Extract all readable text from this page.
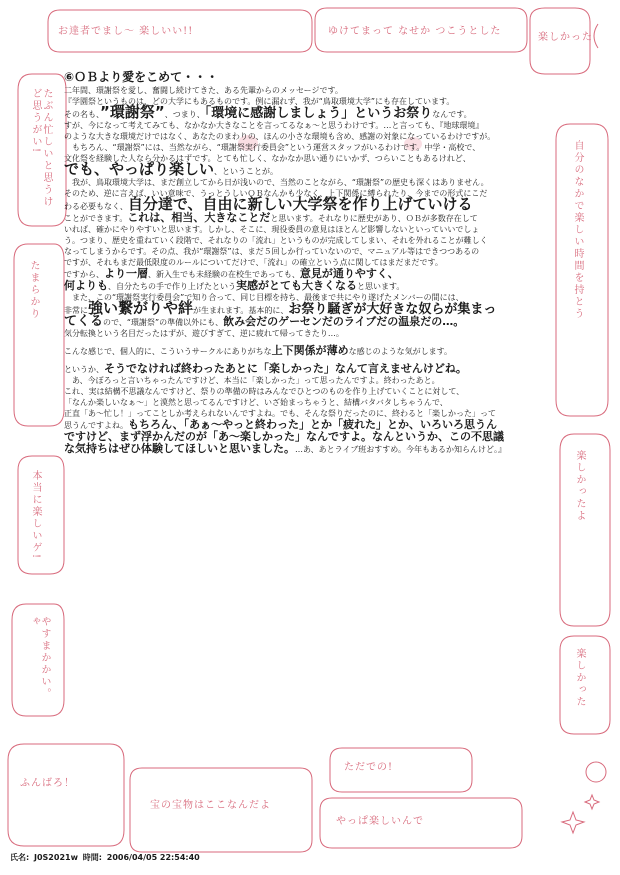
お達者でまし〜 楽しいい!!	ゆけてまって なせか つこうとした
楽しかった
たぶん忙しいと思うけど思うがい!
たまらかり
本当に楽しいゲ!
やすまかかい。ゃ
自分のなかで楽しい時間を持とう
楽しかったよ
楽しかった
ふんばろ！
宝の宝物はここなんだよ
ただでの!
やっぱ楽しいんで

⑥ＯＢより愛をこめて・・・

二年間、環謝祭を愛し、奮闘し続けてきた、ある先輩からのメッセージです。

『学園祭というものは、どの大学にもあるものです。例に漏れず、我が“鳥取環境大学”にも存在しています。

その名も、”環謝祭”、つまり、「環境に感謝しましょう」というお祭りなんです。

すが、今になって考えてみても、なかなか大きなことを言ってるなぁ〜と思うわけです。…と言っても、『地球環境』

のような大きな環境だけではなく、あなたのまわりの、ほんの小さな環境も含め、感謝の対象になっているわけですが。

もちろん、“環謝祭”には、当然ながら、“環謝祭実行委員会”という運営スタッフがいるわけです。中学・高校で、

文化祭を経験した人なら分かるはずです。とても忙しく、なかなか思い通りにいかず、つらいこともあるけれど、

でも、やっぱり楽しい、ということが。

我が、鳥取環境大学は、まだ創立してから日が浅いので、当然のことながら、“環謝祭”の歴史も深くはありません。

そのため、逆に言えば、いい意味で、うっとうしいＯＢなんかも少なく、上下関係に縛られたり、今までの形式にこだ

わる必要もなく、自分達で、自由に新しい大学祭を作り上げていける

ことができます。これは、相当、大きなことだと思います。それなりに歴史があり、ＯＢが多数存在して

いれば、確かにやりやすいと思います。しかし、そこに、現役委員の意見はほとんど影響しないといっていいでしょ

う。つまり、歴史を重ねていく段階で、それなりの「流れ」というものが完成してしまい、それを外れることが難しく

なってしまうからです。その点、我が“環謝祭”は、まだ５回しか行っていないので、マニュアル等はできつつあるの

ですが、それもまだ最低限度のルールについてだけで、「流れ」の確立という点に関してはまだまだです。

ですから、より一層、新入生でも未経験の在校生であっても、意見が通りやすく、

何よりも、自分たちの手で作り上げたという実感がとても大きくなると思います。

また、この“環謝祭実行委員会”で知り合って、同じ目標を持ち、最後まで共にやり遂げたメンバーの間には、

非常に強い繋がりや絆が生まれます。基本的に、お祭り騒ぎが大好きな奴らが集まっ

てくるので、“環謝祭”の準備以外にも、飲み会だのゲーセンだのライブだの温泉だの…。

気分転換という名目だったはずが、遊びすぎて、逆に疲れて帰ってきたり…。

こんな感じで、個人的に、こういうサークルにありがちな上下関係が薄めな感じのような気がします。

というか、そうでなければ終わったあとに「楽しかった」なんて言えませんけどね。

あ、今ぼろっと言いちゃったんですけど、本当に「楽しかった」って思ったんですよ。終わったあと。

これ、実は結構不思議なんですけど、祭りの準備の時はみんなでひとつのものを作り上げていくことに対して、

「なんか楽しいなぁ〜」と漠然と思ってるんですけど、いざ始まっちゃうと、結構バタバタしちゃうんで、

正直「あ〜忙し！」ってことしか考えられないんですよね。でも、そんな祭りだったのに、終わると「楽しかった」って

思うんですよね。もちろん、「あぁ〜やっと終わった」とか「疲れた」とか、いろいろ思うん

ですけど、まず浮かんだのが「あ〜楽しかった」なんですよ。なんというか、この不思議

な気持ちはぜひ体験してほしいと思いました。…あ、あとライブ班おすすめ。今年もあるか知らんけど。』

氏名: J0S2021w 時間: 2006/04/05 22:54:40
